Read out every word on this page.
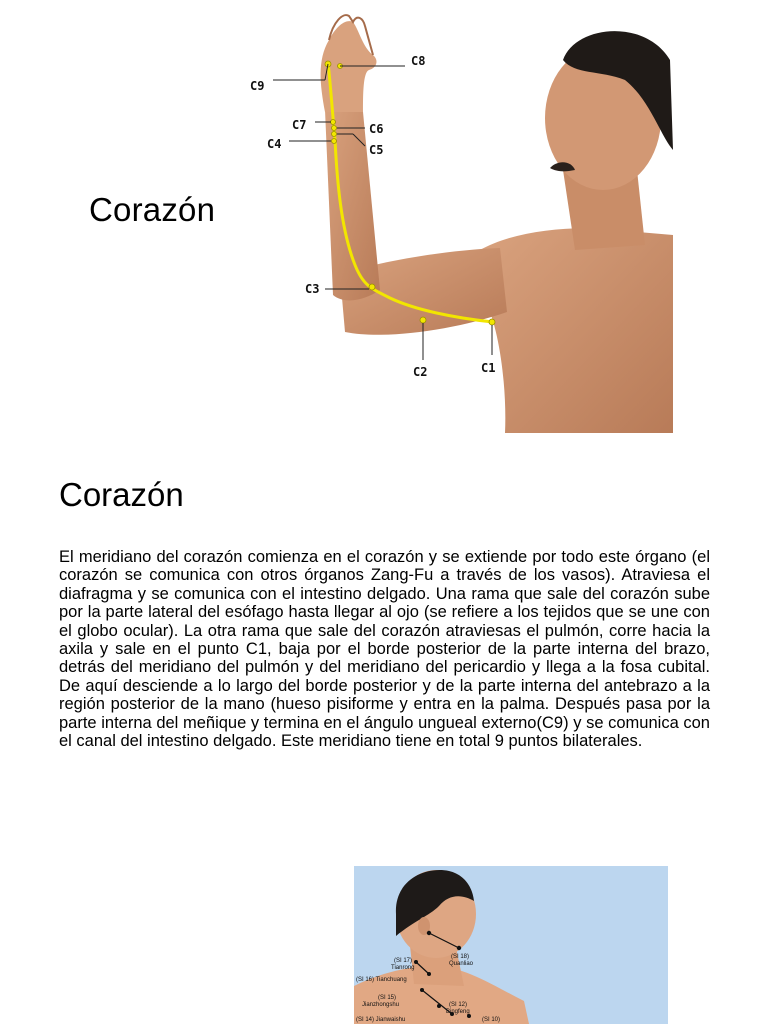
Corazón
C8
C9
C7	C6
C4	C5
C3
C2	C1
Corazón

El meridiano del corazón comienza en el corazón y se extiende por todo este órgano (el corazón se comunica con otros órganos Zang-Fu a través de los vasos). Atraviesa el diafragma y se comunica con el intestino delgado. Una rama que sale del corazón sube por la parte lateral del esófago hasta llegar al ojo (se refiere a los tejidos que se une con el globo ocular). La otra rama que sale del corazón atraviesas el pulmón, corre hacia la axila y sale en el punto C1, baja por el borde posterior de la parte interna del brazo, detrás del meridiano del pulmón y del meridiano del pericardio y llega a la fosa cubital. De aquí desciende a lo largo del borde posterior y de la parte interna del antebrazo a la región posterior de la mano (hueso pisiforme y entra en la palma. Después pasa por la parte interna del meñique y termina en el ángulo ungueal externo(C9) y se comunica con el canal del intestino delgado. Este meridiano tiene en total 9 puntos bilaterales.

(SI 18)
Quanliao
(SI 17)
Tianrong
(SI 16) Tianchuang
(SI 15)
Jianzhongshu	(SI 12)
Bingfeng
(SI 14) Jianwaishu	(SI 10)
